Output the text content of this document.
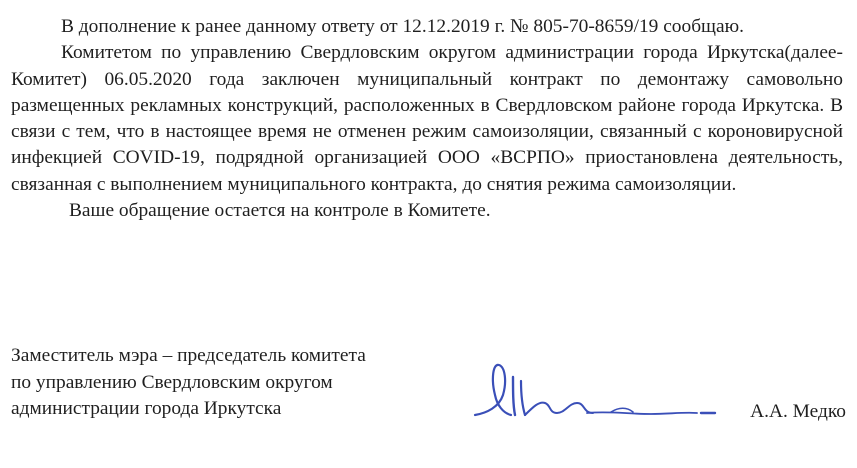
В дополнение к ранее данному ответу от 12.12.2019 г. № 805-70-8659/19 сообщаю.

Комитетом по управлению Свердловским округом администрации города Иркутска(далее-Комитет) 06.05.2020 года заключен муниципальный контракт по демонтажу самовольно размещенных рекламных конструкций, расположенных в Свердловском районе города Иркутска. В связи с тем, что в настоящее время не отменен режим самоизоляции, связанный с короновирусной инфекцией COVID-19, подрядной организацией ООО «ВСРПО» приостановлена деятельность, связанная с выполнением муниципального контракта, до снятия режима самоизоляции.

Ваше обращение остается на контроле в Комитете.

Заместитель мэра – председатель комитета
по управлению Свердловским округом
администрации города Иркутска	А.А. Медко
